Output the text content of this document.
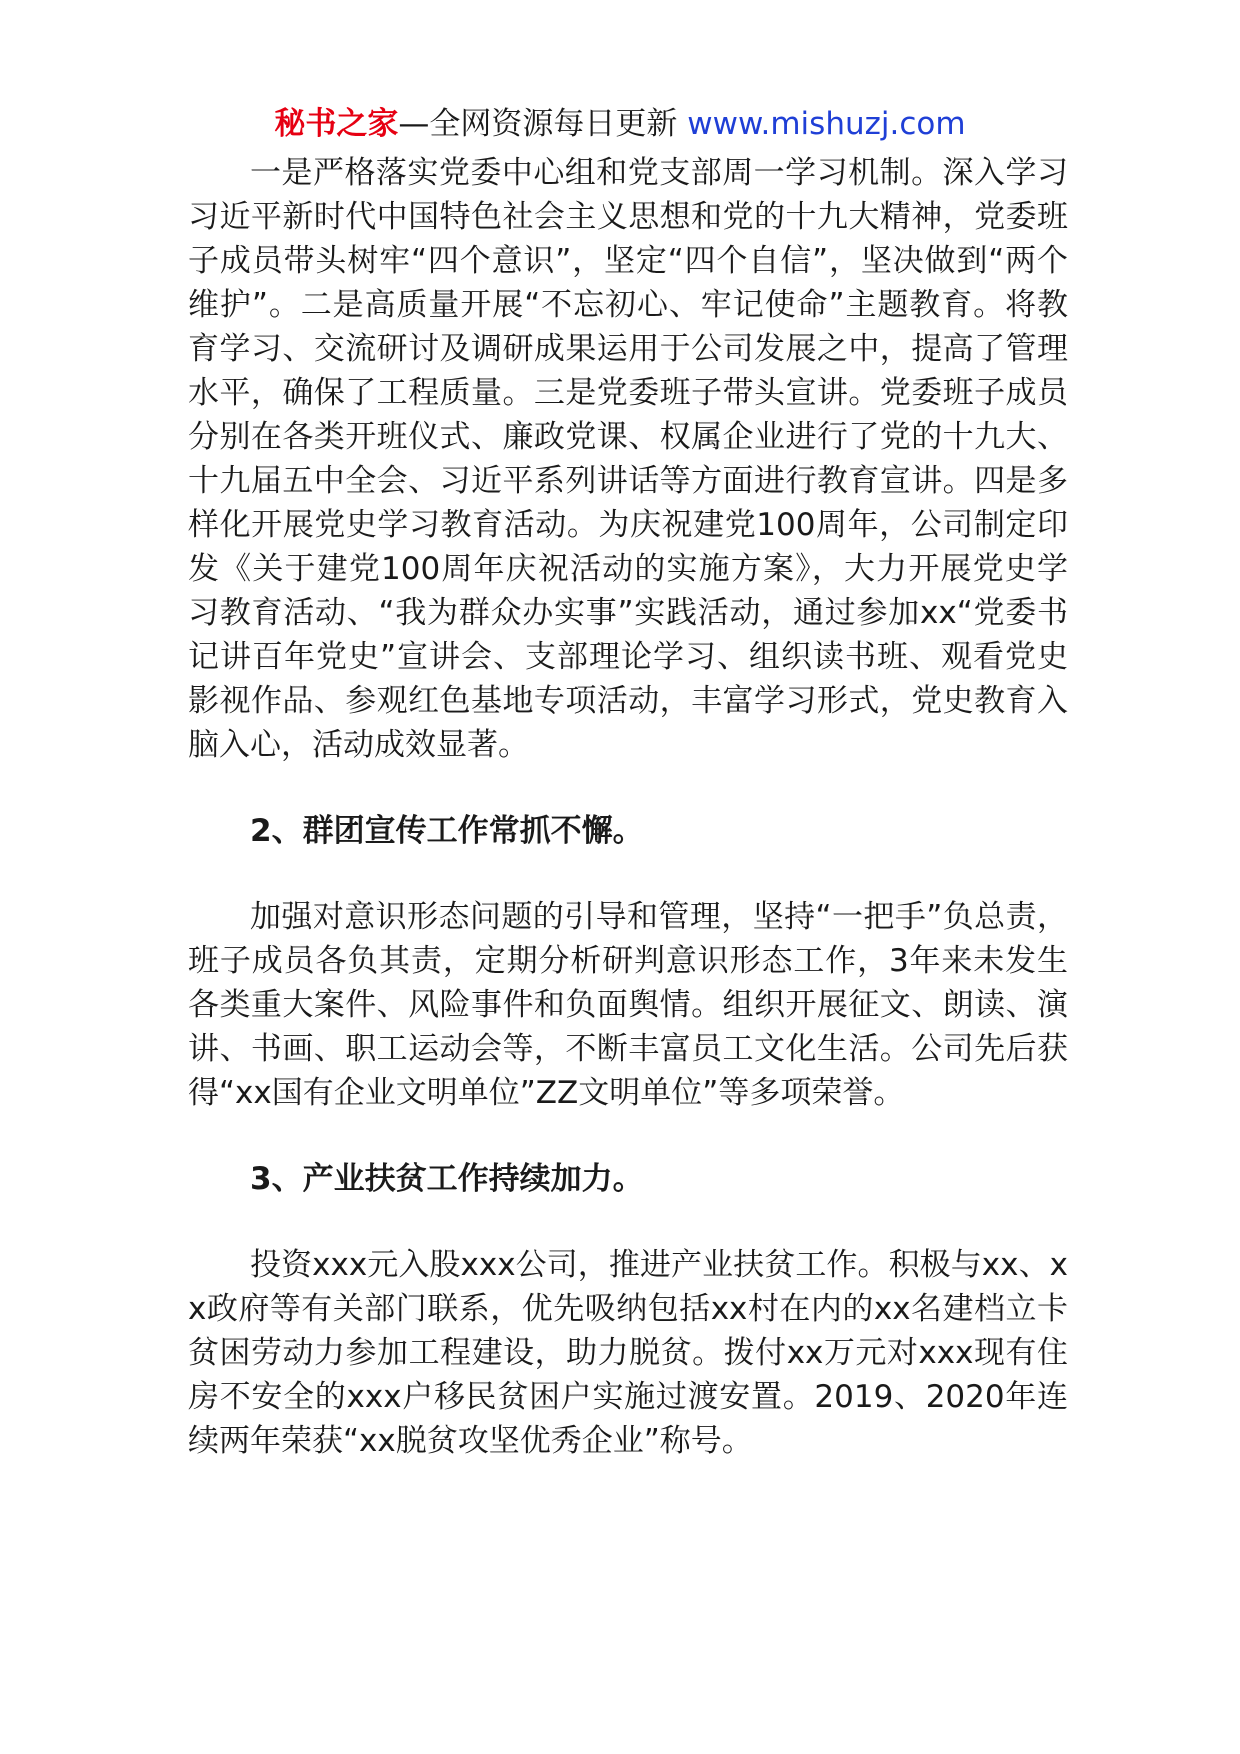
秘书之家—全网资源每日更新 www.mishuzj.com

一是严格落实党委中心组和党支部周一学习机制。深入学习习近平新时代中国特色社会主义思想和党的十九大精神，党委班子成员带头树牢“四个意识”，坚定“四个自信”，坚决做到“两个维护”。二是高质量开展“不忘初心、牢记使命”主题教育。将教育学习、交流研讨及调研成果运用于公司发展之中，提高了管理水平，确保了工程质量。三是党委班子带头宣讲。党委班子成员分别在各类开班仪式、廉政党课、权属企业进行了党的十九大、十九届五中全会、习近平系列讲话等方面进行教育宣讲。四是多样化开展党史学习教育活动。为庆祝建党100周年，公司制定印发《关于建党100周年庆祝活动的实施方案》，大力开展党史学习教育活动、“我为群众办实事”实践活动，通过参加xx“党委书记讲百年党史”宣讲会、支部理论学习、组织读书班、观看党史影视作品、参观红色基地专项活动，丰富学习形式，党史教育入脑入心，活动成效显著。

2、群团宣传工作常抓不懈。

加强对意识形态问题的引导和管理，坚持“一把手”负总责，班子成员各负其责，定期分析研判意识形态工作，3年来未发生各类重大案件、风险事件和负面舆情。组织开展征文、朗读、演讲、书画、职工运动会等，不断丰富员工文化生活。公司先后获得“xx国有企业文明单位”ZZ文明单位”等多项荣誉。

3、产业扶贫工作持续加力。

投资xxx元入股xxx公司，推进产业扶贫工作。积极与xx、xx政府等有关部门联系，优先吸纳包括xx村在内的xx名建档立卡贫困劳动力参加工程建设，助力脱贫。拨付xx万元对xxx现有住房不安全的xxx户移民贫困户实施过渡安置。2019、2020年连续两年荣获“xx脱贫攻坚优秀企业”称号。
